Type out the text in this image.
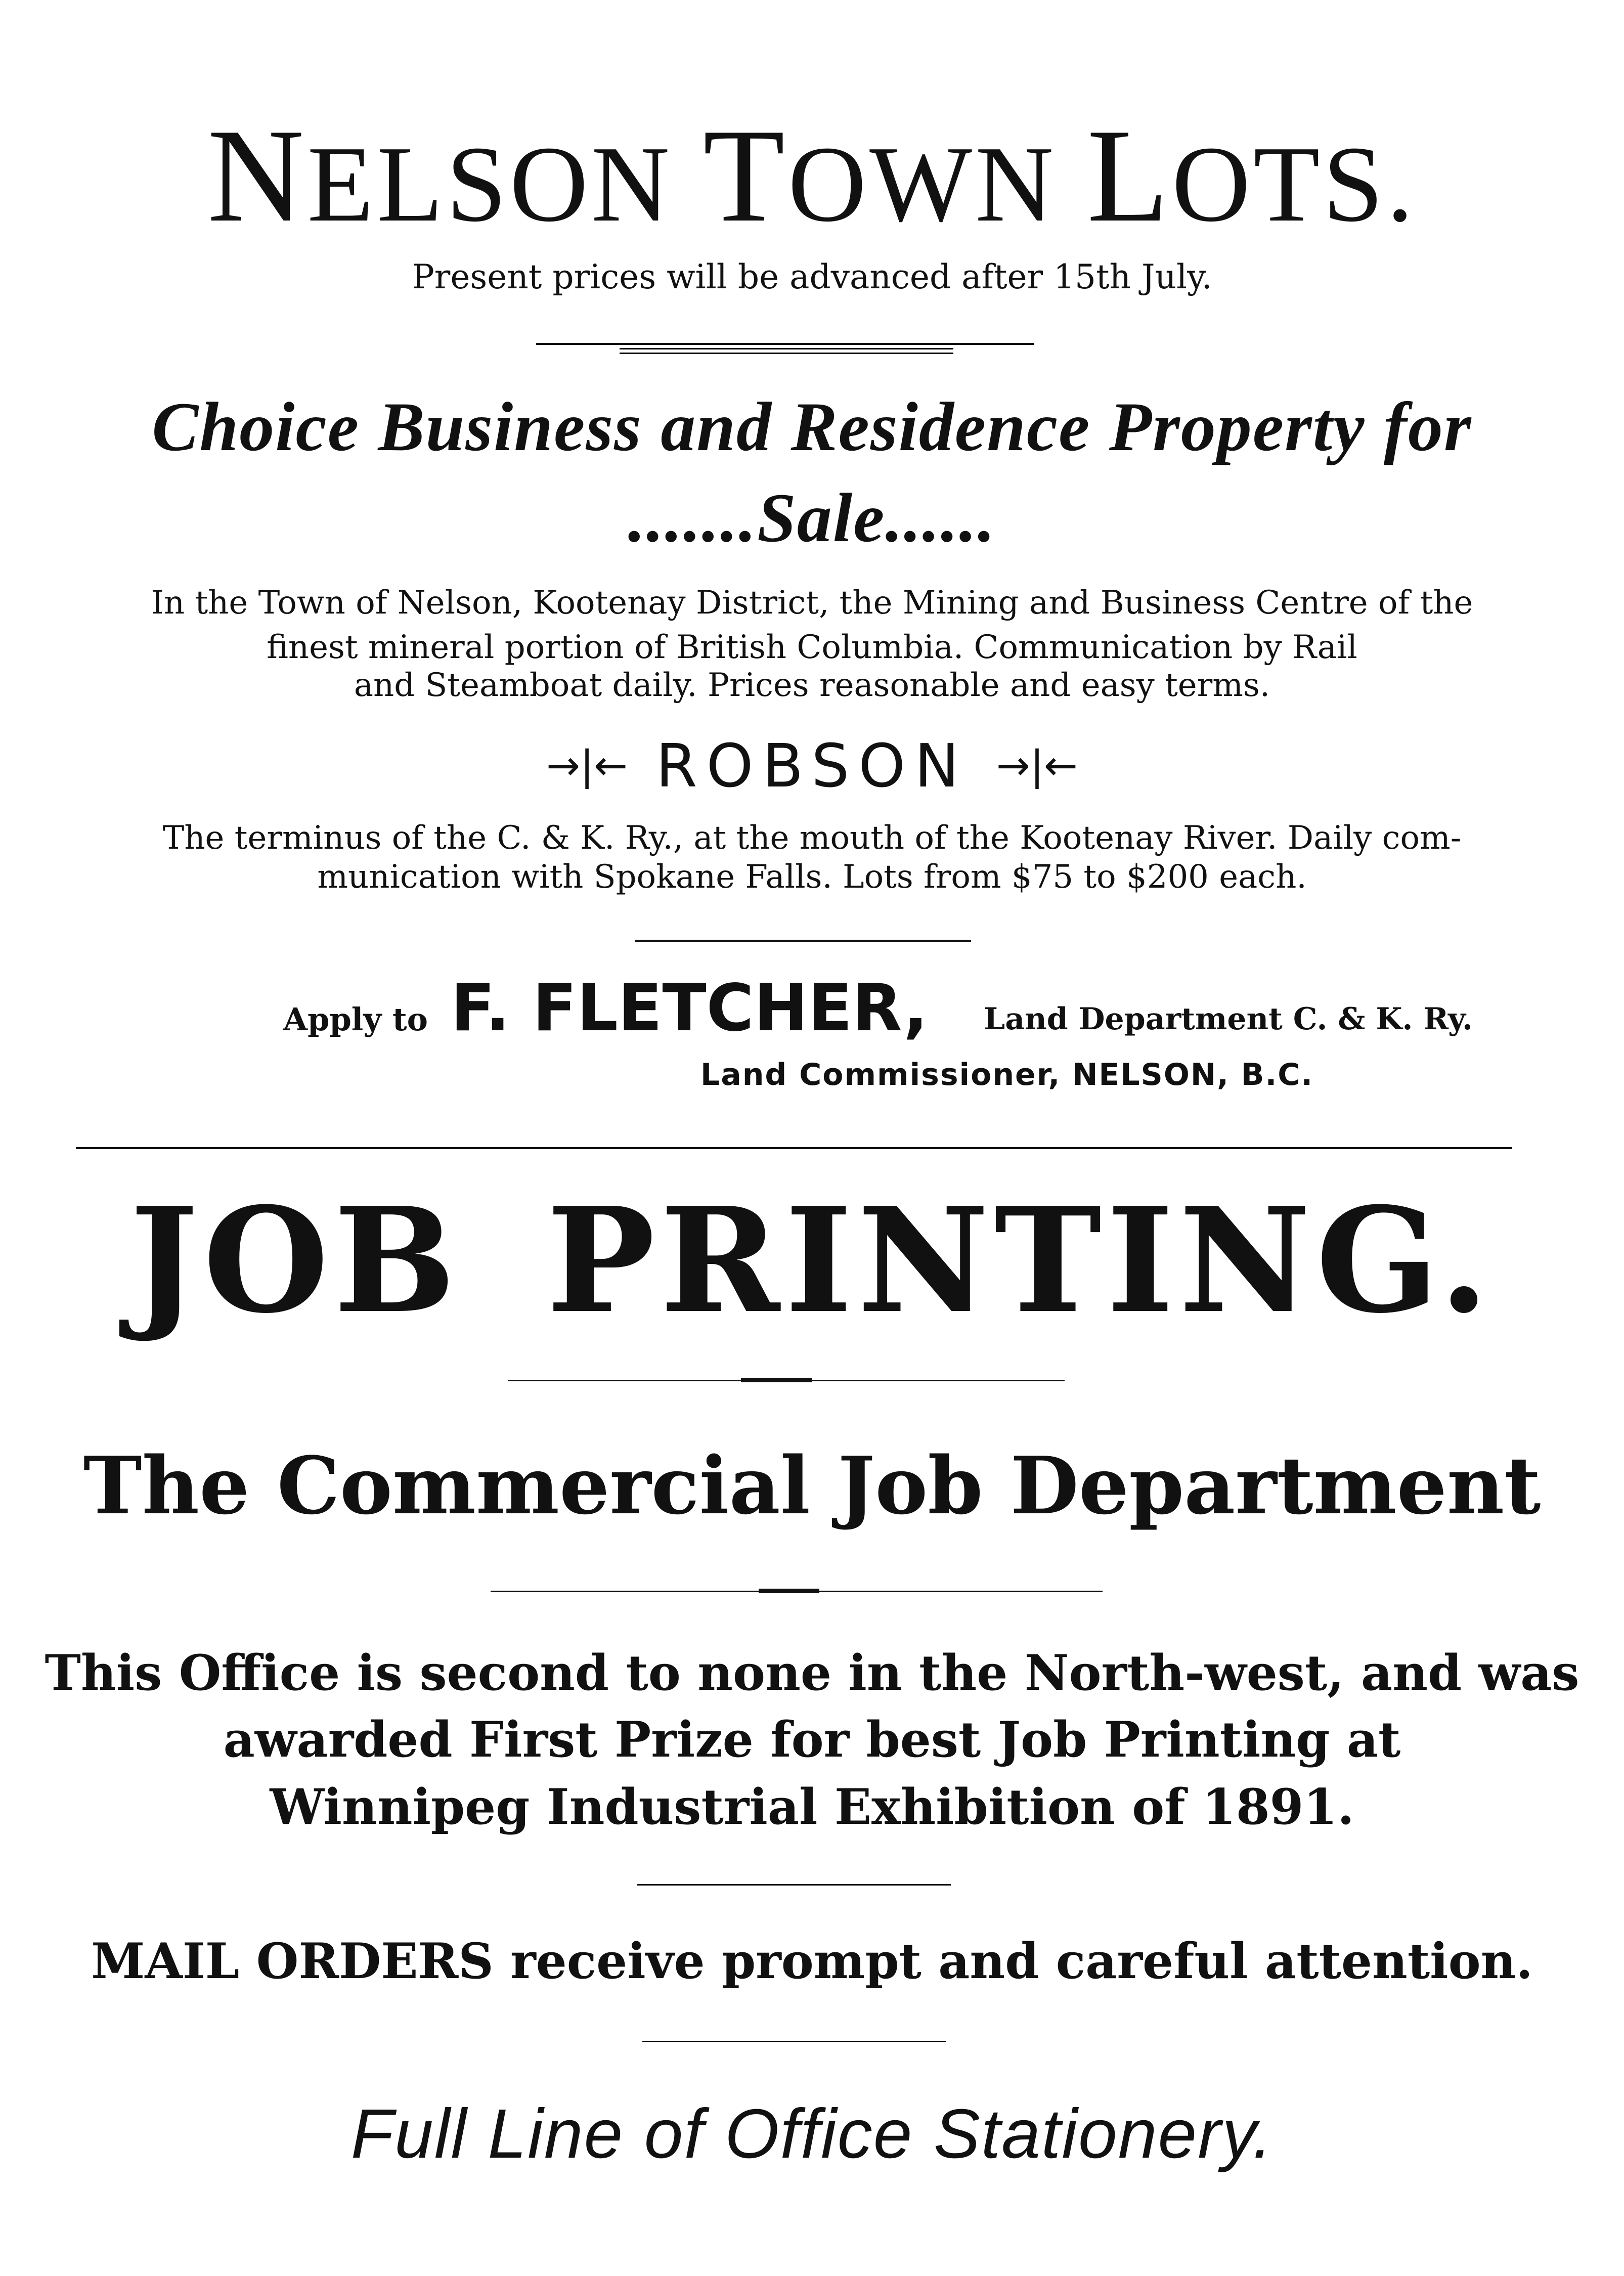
NELSON TOWN LOTS.
Present prices will be advanced after 15th July.
Choice Business and Residence Property for
.......Sale......
In the Town of Nelson, Kootenay District, the Mining and Business Centre of the
finest mineral portion of British Columbia. Communication by Rail
and Steamboat daily. Prices reasonable and easy terms.
→|← ROBSON →|←
The terminus of the C. & K. Ry., at the mouth of the Kootenay River. Daily com-
munication with Spokane Falls. Lots from $75 to $200 each.
Apply to F. FLETCHER, Land Department C. & K. Ry.
Land Commissioner, NELSON, B.C.
JOB PRINTING.
The Commercial Job Department
This Office is second to none in the North-west, and was
awarded First Prize for best Job Printing at
Winnipeg Industrial Exhibition of 1891.
MAIL ORDERS receive prompt and careful attention.
Full Line of Office Stationery.
